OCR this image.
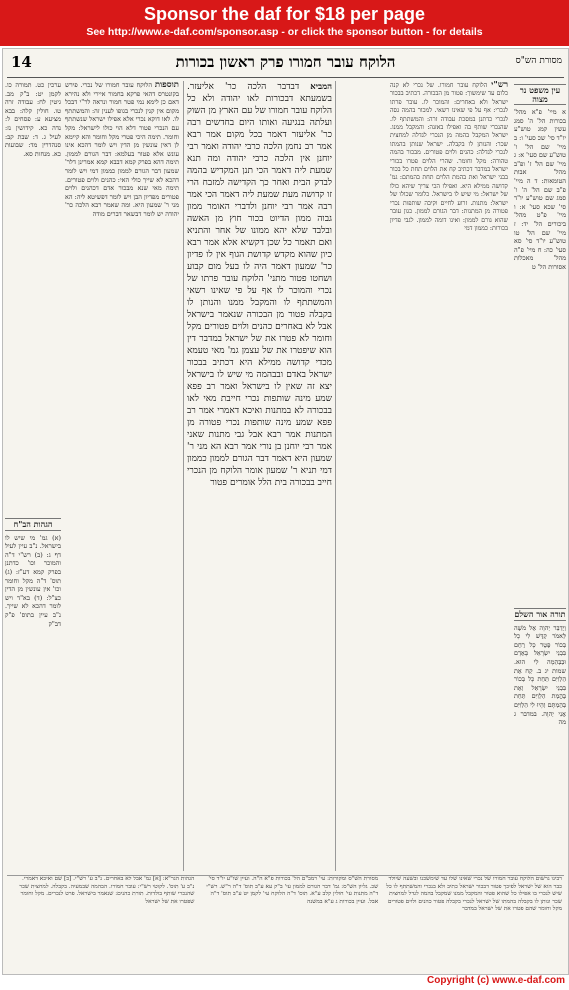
Sponsor the daf for $18 per page
See http://www.e-daf.com/sponsor.asp - or click the sponsor button - for details
14	הלוקח עובר חמורו פרק ראשון בכורות	מסורת הש"ס
עין משפט נר מצוה
א מיי' פ"א מהל' בכורות הל' ה' סמג עשין קמג טוש"ע יו"ד סי' שכ סעי' ו: ב מיי' שם הל' ו' טוש"ע שם סעי' א: ג מיי' שם הל' ז' ופ"ב מהל' אבות הטומאות: ד ה מיי' פ"ב שם הל' ה' ו' סמג שם טוש"ע יו"ד סי' שכא סעי' א: ו מיי' פ"ט מהל' ביכורים הל' יד: ז מיי' שם הל' טו טוש"ע יו"ד סי' סא סעי' כה: ח מיי' פ"ה מהל' מאכלות אסורות הל' ט
תורה אור השלם
וַיְדַבֵּר יְהוָה אֶל מֹשֶׁה לֵּאמֹר קַדֶּשׁ לִי כָל בְּכוֹר פֶּטֶר כָּל רֶחֶם בִּבְנֵי יִשְׂרָאֵל בָּאָדָם וּבַבְּהֵמָה לִי הוּא. שמות יג ב. קַח אֶת הַלְוִיִּם תַּחַת כָּל בְּכוֹר בִּבְנֵי יִשְׂרָאֵל וְאֶת בֶּהֱמַת הַלְוִיִּם תַּחַת בְּהֶמְתָּם וְהָיוּ לִי הַלְוִיִּם אֲנִי יְהוָה. במדבר ג מה
רש"י הלוקח עובר חמורו. של נכרי לא קנה כלום עד שימשוך: פטור מן הבכורה. דכתיב בבכור ישראל ולא באחרים: והמוכר לו. עובר פרתו לנכרי: אף על פי שאינו רשאי. למכור בהמה גסה לנכרי כדתנן במסכת עבודה זרה: והמשתתף לו. שהנכרי שותף בה ואפילו באזנה: והמקבל ממנו. ישראל המקבל בהמה מן הנכרי לגדלה למחצית שכר: והנותן לו בקבלה. ישראל שנותן בהמתו לנכרי לגדלה: כהנים ולוים פטורים. מבכור בהמה טהורה: מקל וחומר. שהרי הלוים פטרו בכורי ישראל במדבר דכתיב קח את הלוים תחת כל בכור בבני ישראל ואת בהמת הלוים תחת בהמתם: גמ' קדושה ממילא היא. ואפילו הכי צריך שיהא כולו של ישראל: מי שיש לו בישראל. כלומר שכולו של ישראל: מתנות. זרוע לחיים וקיבה שותפות נכרי פטורה מן המתנות: דבר הגורם לממון. כגון עובר שהוא גורם לממון: ואינו דומה לממון. לגבי פדיון בכורות: כממון דמי
המביא דבדבר הלכה כר' אליעזר. בשמעתא דבכורות לאו יהודה ולא כל הלוקח עובר חמורו של עם הארץ מן השוק ועלתה בנגיעה ואותו היום בחדשים רבה כר' אליעזר דאמר בכל מקום אמר רבא אמר רב נחמן הלכה כרבי יהודה ואמר רבי יוחנן אין הלכה כרבי יהודה ומה תנא שמעת ליה דאמר הכי תנן המקדיש בהמה לבדק הבית ואחר כך הקדישה למזבח הרי זו קדושה מעת שמעת ליה דאמר הכי אמר רבה אמר רבי יוחנן ולדברי האומר ממון גבוה ממון הדיוט בכור חוץ מן האשה ובלבד שלא יהא ממונו של אחר והתניא ואם תאמר כל שכן דקשיא אלא אמר רבא כיון שהוא מקדש קדושת הגוף אין לו פדיון כר' שמעון דאמר היה לו בעל מום קבוע ושחטו פטור מתני' הלוקח עובר פרתו של נכרי והמוכר לו אף על פי שאינו רשאי והמשתתף לו והמקבל ממנו והנותן לו בקבלה פטור מן הבכורה שנאמר בישראל אבל לא באחרים כהנים ולוים פטורים מקל וחומר לא פטרו את של ישראל במדבר דין הוא שיפטרו את של עצמן גמ' מאי טעמא מכדי קדושה ממילא היא דכתיב בבכור ישראל באדם ובבהמה מי שיש לו בישראל יצא זה שאין לו בישראל ואמר רב פפא שמע מינה שותפות נכרי חייבת מאי לאו בבכורה לא במתנות ואיכא דאמרי אמר רב פפא שמע מינה שותפות נכרי פטורה מן המתנות אמר רבא אבל גבי מתנות שאני אמר רבי יוחנן בן נורי אמר רבא הא מני ר' שמעון היא דאמר דבר הגורם לממון כממון דמי תניא ר' שמעון אומר הלוקח מן הנכרי חייב בבכורה בית הלל אומרים פטור
תוספות הלוקח עובר חמורו של נכרי. פירש בקונטרס דהאי פרקא בחמור איירי ולא נהירא דאם כן לימא נמי פטר חמור ונראה לר"י דבכל מקום אין קנין לנכרי בגופו לענין זה: והמשתתף לו. לאו דוקא נכרי אלא אפילו ישראל שנשתתף עם הנכרי פטור דלא הוי כולו לישראל: מקל וחומר. תימה היכי פטרי מקל וחומר והא קיימא לן דאין עונשין מן הדין ויש לומר דהכא אינו עונש אלא פטור בעלמא: דבר הגורם לממון. תימה דהא בפרק קמא דבבא קמא אמרינן דלר' שמעון דבר הגורם לממון כממון דמי ויש לומר דהכא לא שייך כולי האי: כהנים ולוים פטורים. תימה מאי שנא מבכור אדם דכהנים ולוים פטורים מפדיון הבן ויש לומר דפשיטא ליה: הא מני ר' שמעון היא. ומה שאמר רבא הלכה כר' יהודה יש לומר דבשאר דברים מודה
ערכין כט. תמורה כו. לקמן יט: ב"ק מב. גיטין לח: עבודה זרה טו. חולין קלה: בבא מציעא ע: פסחים ל: נדה כא. קידושין נז: לעיל ג. ד: שבת קב: סנהדרין מד: שבועות כא. מנחות סא.
הגהות הב"ח
(א) גמ' מי שיש לו בישראל. נ"ב עיין לעיל דף ג: (ב) רש"י ד"ה והמוכר וכו' כדתנן בפרק קמא דע"ז: (ג) תוס' ד"ה מקל וחומר וכו' אין עונשין מן הדין כצ"ל: (ד) בא"ד ויש לומר דהכא לא שייך. נ"ב עיין בתוס' פ"ק דב"ק
רבינו גרשום הלוקח עובר חמורו של נכרי שאינו שלו עד שימשכנו ובשעה שיולד כבר הוא של ישראל לפיכך פטור דבכור ישראל כתיב ולא בנכרי והמשתתף לו כל שיש לנכרי בו אפילו כל שהוא פטור והמקבל ממנו שמקבל בהמה לגדל למחצית שכר ונותן לו בקבלה בהמתו של ישראל לנכרי בקבלה פטור כהנים ולוים פטורים מקל וחומר שהם פטרו את של ישראל במדבר
מסורת הש"ס ומקורות: עי' רמב"ם הל' בכורות פ"א ה"ה. ועיין שו"ע יו"ד סי' שכ. גליון הש"ס: גמ' דבר הגורם לממון עי' ב"ק עא ע"ב תוס' ד"ה ר"ש. רש"י ד"ה מתנות עי' חולין קלב ע"א. תוס' ד"ה הלוקח עי' לקמן יט ע"ב תוס' ד"ה אבל. ועיין בכורות ג ע"א במשנה
הגהות הגר"א: [א] גמ' אבל לא באחרים. נ"ב ע' רש"י. [ב] שם ואיכא דאמרי. נ"ב ע' תוס'. לקוטי רש"י: עובר חמורו. הבהמה שבמעיה. בקבלה. למחצית שכר שהנכרי שותף בולדות. תורת כהנים: שנאמר בישראל. פרט לנכרים. מקל וחומר שפטרו את של ישראל
Copyright (c) www.e-daf.com
